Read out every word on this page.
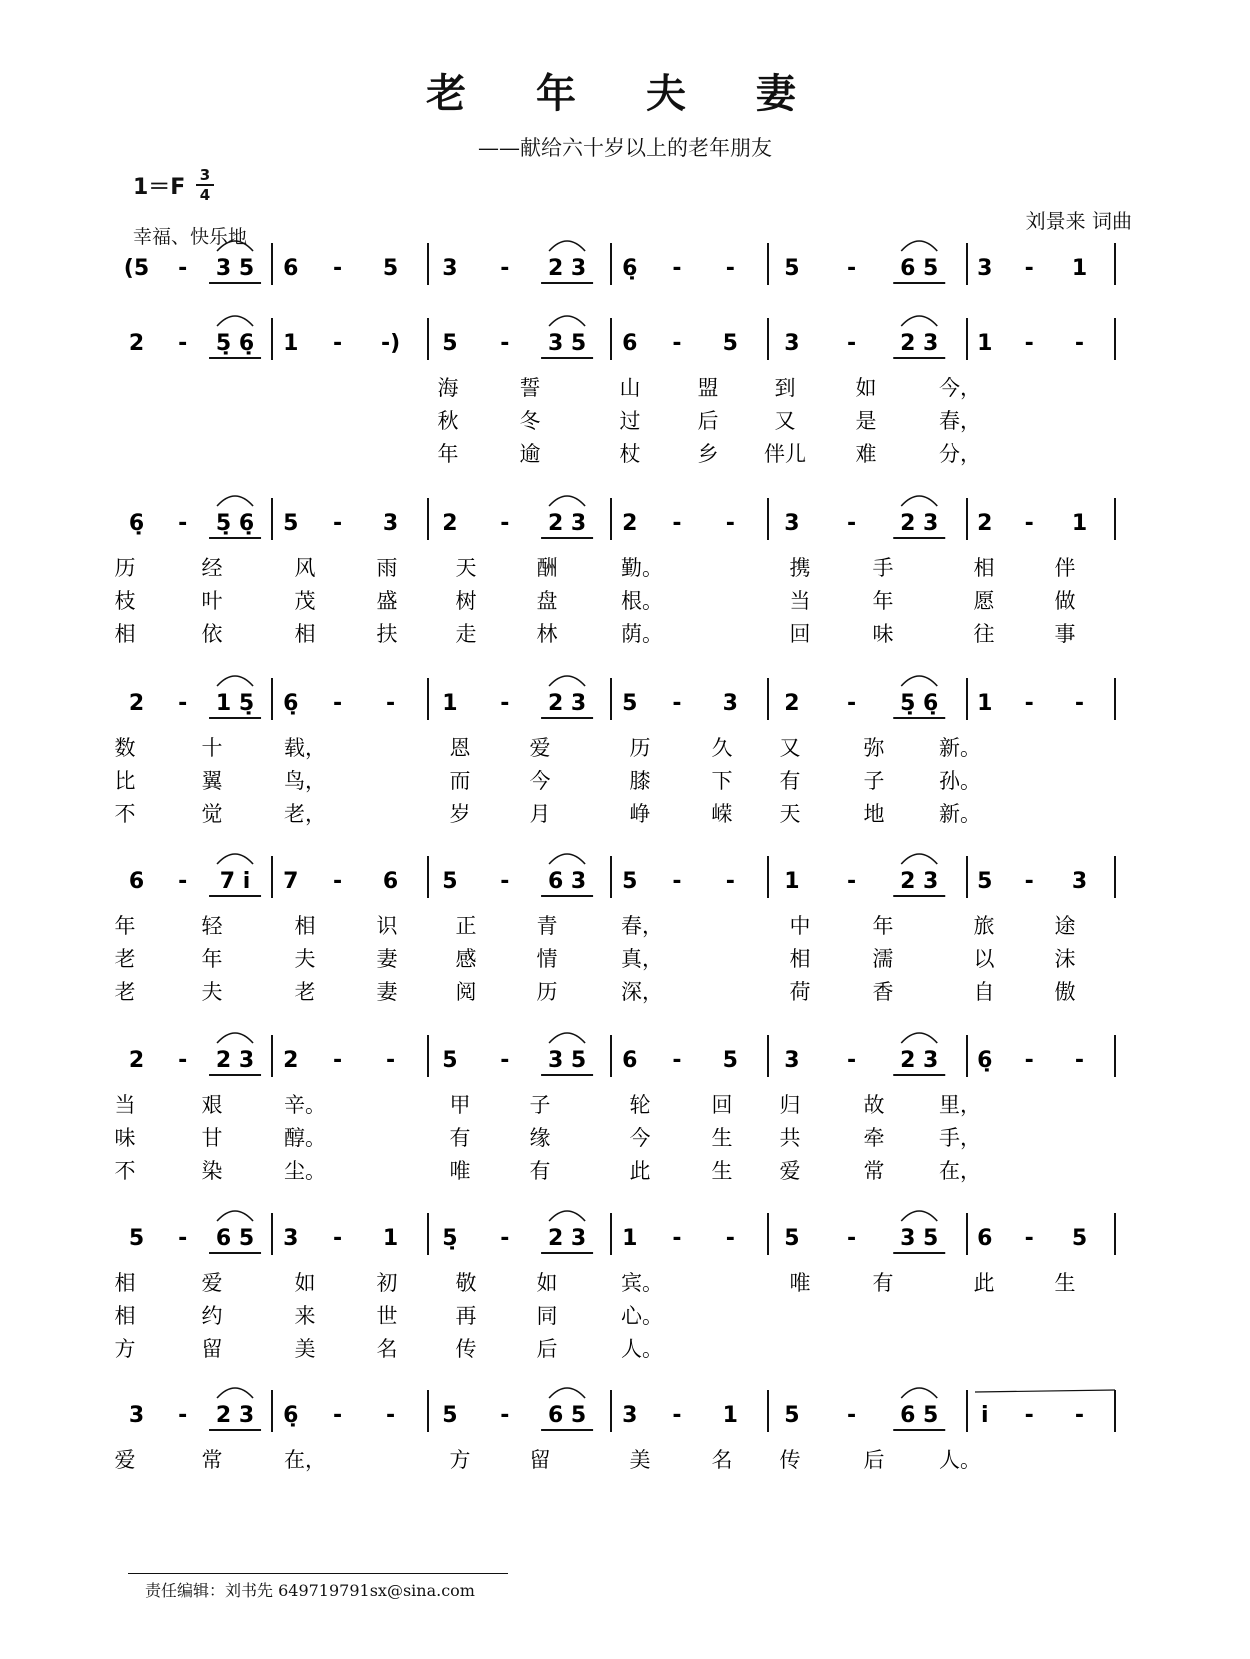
老 年 夫 妻
——献给六十岁以上的老年朋友
1＝F 3
4
幸福、快乐地
刘景来 词曲
(5 - 3 5 6 - 5 3 - 2 3 6̣ - - 5 - 6 5 3 - 1
2 - 5̣ 6̣ 1 - -) 5 - 3 5 6 - 5 3 - 2 3 1 - -
海	誓	山	盟	到	如	今，
秋	冬	过	后	又	是	春，
年	逾	杖	乡 伴儿 难	分，
6̣ - 5̣ 6̣ 5 - 3 2 - 2 3 2 - - 3 - 2 3 2 - 1
历	经	风	雨	天	酬	勤。	携	手	相	伴
枝	叶	茂	盛	树	盘	根。	当	年	愿	做
相	依	相	扶	走	林	荫。	回	味	往	事
2 - 1 5̣ 6̣ - - 1 - 2 3 5 - 3 2 - 5̣ 6̣ 1 - -
数	十	载，	恩	爱	历	久 又	弥	新。
比	翼	鸟，	而	今	膝	下 有	子	孙。
不	觉	老，	岁	月	峥	嵘 天	地	新。
6 - 7 i 7 - 6 5 - 6 3 5 - - 1 - 2 3 5 - 3
年	轻	相	识	正	青	春，	中	年	旅	途
老	年	夫	妻	感	情	真，	相	濡	以	沫
老	夫	老	妻	阅	历	深，	荷	香	自	傲
2 - 2 3 2 - - 5 - 3 5 6 - 5 3 - 2 3 6̣ - -
当	艰	辛。	甲	子	轮	回 归	故	里，
味	甘	醇。	有	缘	今	生 共	牵	手，
不	染	尘。	唯	有	此	生 爱	常	在，
5 - 6 5 3 - 1 5̣ - 2 3 1 - - 5 - 3 5 6 - 5
相	爱	如	初	敬	如	宾。	唯	有	此	生
相	约	来	世	再	同	心。
方	留	美	名	传	后	人。
3 - 2 3 6̣ - - 5 - 6 5 3 - 1 5 - 6 5 i - -
爱	常	在，	方	留	美	名 传	后	人。
责任编辑：刘书先 649719791sx@sina.com
